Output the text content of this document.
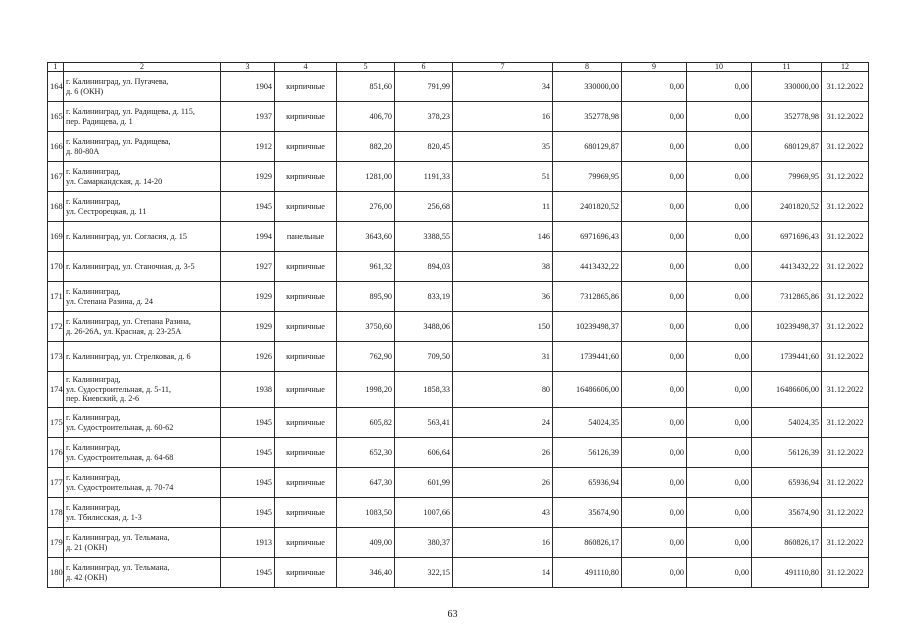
1	2	3	4	5	6	7	8	9	10	11	12
164	г. Калининград, ул. Пугачева,
д. 6 (ОКН)	1904	кирпичные	851,60	791,99	34	330000,00	0,00	0,00	330000,00	31.12.2022
165	г. Калининград, ул. Радищева, д. 115,
пер. Радищева, д. 1	1937	кирпичные	406,70	378,23	16	352778,98	0,00	0,00	352778,98	31.12.2022
166	г. Калининград, ул. Радищева,
д. 80-80А	1912	кирпичные	882,20	820,45	35	680129,87	0,00	0,00	680129,87	31.12.2022
167	г. Калининград,
ул. Самаркандская, д. 14-20	1929	кирпичные	1281,00	1191,33	51	79969,95	0,00	0,00	79969,95	31.12.2022
168	г. Калининград,
ул. Сестрорецкая, д. 11	1945	кирпичные	276,00	256,68	11	2401820,52	0,00	0,00	2401820,52	31.12.2022
169	г. Калининград, ул. Согласия, д. 15	1994	панельные	3643,60	3388,55	146	6971696,43	0,00	0,00	6971696,43	31.12.2022
170	г. Калининград, ул. Станочная, д. 3-5	1927	кирпичные	961,32	894,03	38	4413432,22	0,00	0,00	4413432,22	31.12.2022
171	г. Калининград,
ул. Степана Разина, д. 24	1929	кирпичные	895,90	833,19	36	7312865,86	0,00	0,00	7312865,86	31.12.2022
172	г. Калининград, ул. Степана Разина,
д. 26-26А, ул. Красная, д. 23-25А	1929	кирпичные	3750,60	3488,06	150	10239498,37	0,00	0,00	10239498,37	31.12.2022
173	г. Калининград, ул. Стрелковая, д. 6	1926	кирпичные	762,90	709,50	31	1739441,60	0,00	0,00	1739441,60	31.12.2022
174	г. Калининград,
ул. Судостроительная, д. 5-11,
пер. Киевский, д. 2-6	1938	кирпичные	1998,20	1858,33	80	16486606,00	0,00	0,00	16486606,00	31.12.2022
175	г. Калининград,
ул. Судостроительная, д. 60-62	1945	кирпичные	605,82	563,41	24	54024,35	0,00	0,00	54024,35	31.12.2022
176	г. Калининград,
ул. Судостроительная, д. 64-68	1945	кирпичные	652,30	606,64	26	56126,39	0,00	0,00	56126,39	31.12.2022
177	г. Калининград,
ул. Судостроительная, д. 70-74	1945	кирпичные	647,30	601,99	26	65936,94	0,00	0,00	65936,94	31.12.2022
178	г. Калининград,
ул. Тбилисская, д. 1-3	1945	кирпичные	1083,50	1007,66	43	35674,90	0,00	0,00	35674,90	31.12.2022
179	г. Калининград, ул. Тельмана,
д. 21 (ОКН)	1913	кирпичные	409,00	380,37	16	860826,17	0,00	0,00	860826,17	31.12.2022
180	г. Калининград, ул. Тельмана,
д. 42 (ОКН)	1945	кирпичные	346,40	322,15	14	491110,80	0,00	0,00	491110,80	31.12.2022
63
